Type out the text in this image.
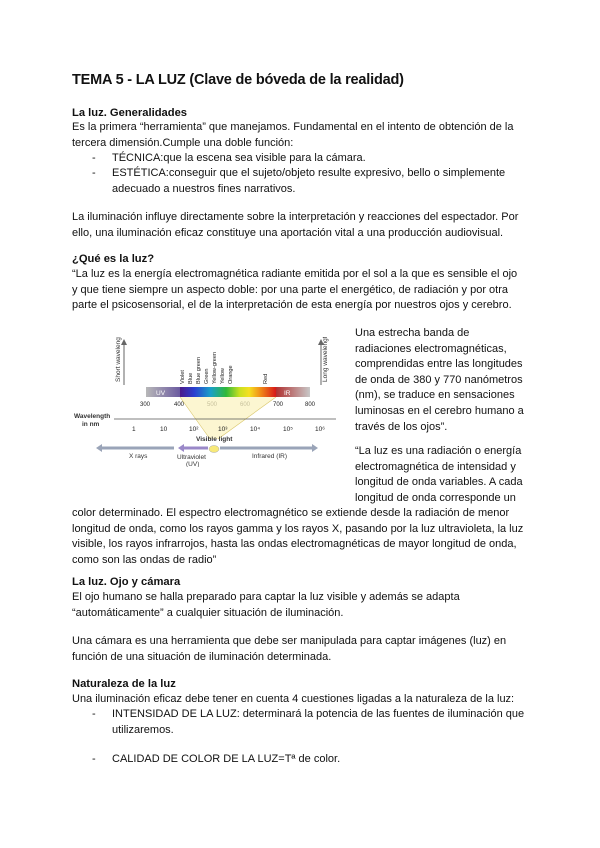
TEMA 5 - LA LUZ (Clave de bóveda de la realidad)
La luz. Generalidades
Es la primera “herramienta” que manejamos. Fundamental en el intento de obtención de la
tercera dimensión.Cumple una doble función:
-	TÉCNICA:que la escena sea visible para la cámara.
-	ESTÉTICA:conseguir que el sujeto/objeto resulte expresivo, bello o simplemente
adecuado a nuestros fines narrativos.
La iluminación influye directamente sobre la interpretación y reacciones del espectador. Por
ello, una iluminación eficaz constituye una aportación vital a una producción audiovisual.
¿Qué es la luz?
“La luz es la energía electromagnética radiante emitida por el sol a la que es sensible el ojo
y que tiene siempre un aspecto doble: por una parte el energético, de radiación y por otra
parte el psicosensorial, el de la interpretación de esta energía por nuestros ojos y cerebro.
Short wavelengths	Long wavelengths
Violet Blue Blue green Green Yellow-green Yellow Orange	Red
UV	IR
300	400	700	800
Wavelength
in nm
1	10	10²	10³	10⁴	10⁵	10⁶
Visible light
X rays	Ultraviolet
(UV)
Infrared (IR)
Una estrecha banda de
radiaciones electromagnéticas,
comprendidas entre las longitudes
de onda de 380 y 770 nanómetros
(nm), se traduce en sensaciones
luminosas en el cerebro humano a
través de los ojos”.
“La luz es una radiación o energía
electromagnética de intensidad y
longitud de onda variables. A cada
longitud de onda corresponde un
color determinado. El espectro electromagnético se extiende desde la radiación de menor
longitud de onda, como los rayos gamma y los rayos X, pasando por la luz ultravioleta, la luz
visible, los rayos infrarrojos, hasta las ondas electromagnéticas de mayor longitud de onda,
como son las ondas de radio”
La luz. Ojo y cámara
El ojo humano se halla preparado para captar la luz visible y además se adapta
“automáticamente” a cualquier situación de iluminación.
Una cámara es una herramienta que debe ser manipulada para captar imágenes (luz) en
función de una situación de iluminación determinada.
Naturaleza de la luz
Una iluminación eficaz debe tener en cuenta 4 cuestiones ligadas a la naturaleza de la luz:
-	INTENSIDAD DE LA LUZ: determinará la potencia de las fuentes de iluminación que
utilizaremos.
-	CALIDAD DE COLOR DE LA LUZ=Tª de color.
